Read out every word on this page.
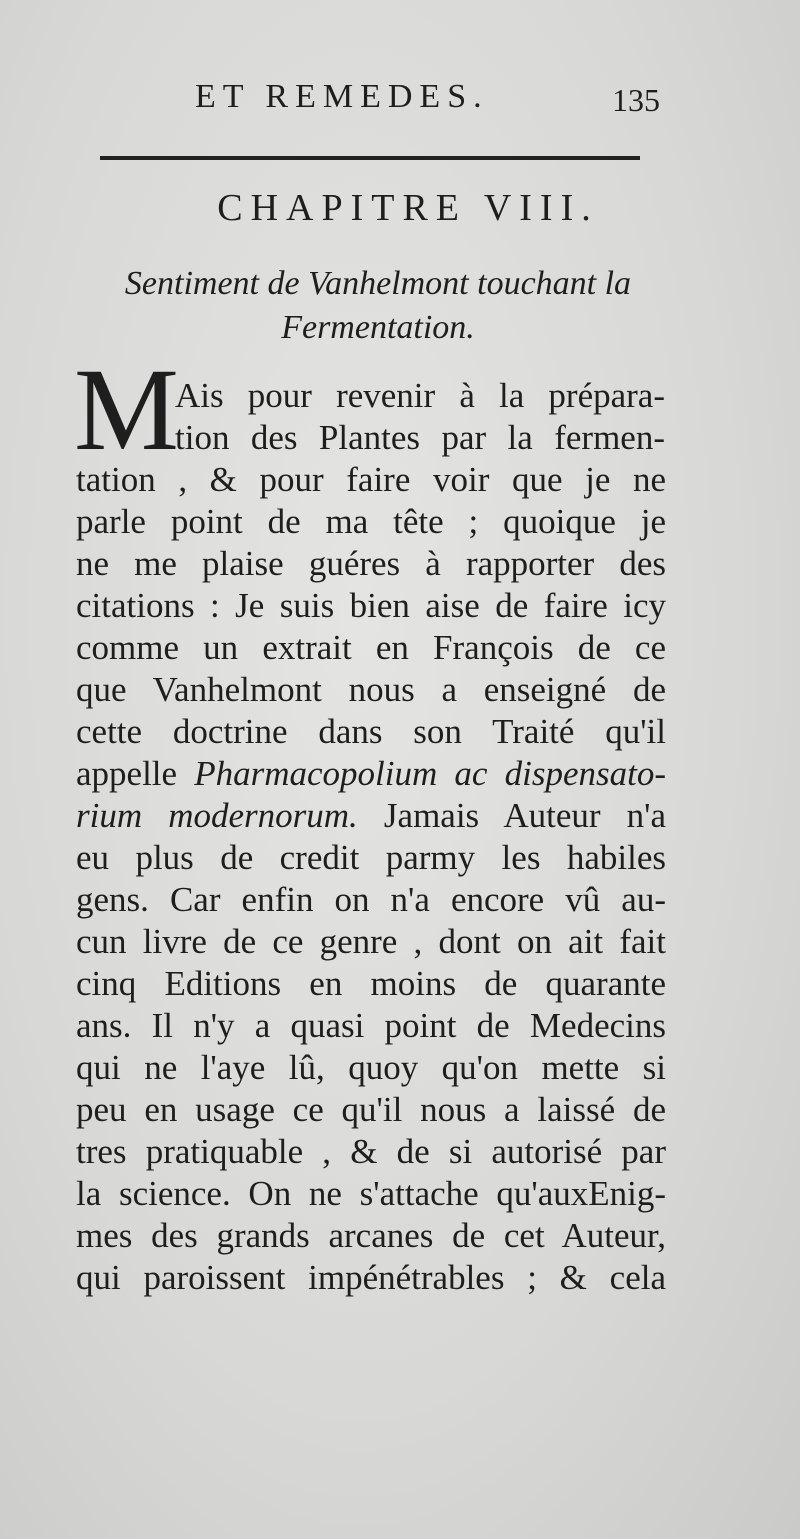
ET REMEDES.	135
CHAPITRE VIII.
Sentiment de Vanhelmont touchant la
Fermentation.
M
Ais pour revenir à la prépara-
tion des Plantes par la fermen-
tation , & pour faire voir que je ne
parle point de ma tête ; quoique je
ne me plaise guéres à rapporter des
citations : Je suis bien aise de faire icy
comme un extrait en François de ce
que Vanhelmont nous a enseigné de
cette doctrine dans son Traité qu'il
appelle Pharmacopolium ac dispensato-
rium modernorum. Jamais Auteur n'a
eu plus de credit parmy les habiles
gens. Car enfin on n'a encore vû au-
cun livre de ce genre , dont on ait fait
cinq Editions en moins de quarante
ans. Il n'y a quasi point de Medecins
qui ne l'aye lû, quoy qu'on mette si
peu en usage ce qu'il nous a laissé de
tres pratiquable , & de si autorisé par
la science. On ne s'attache qu'auxEnig-
mes des grands arcanes de cet Auteur,
qui paroissent impénétrables ; & cela
